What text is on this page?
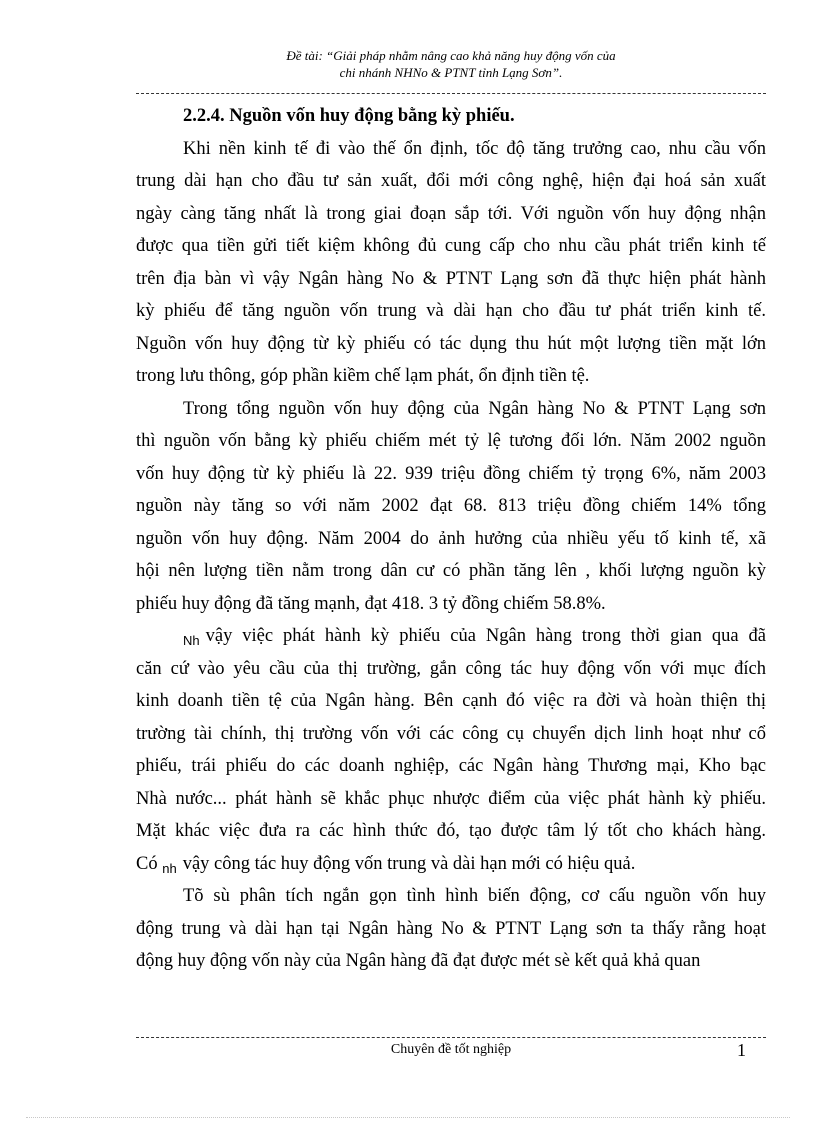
Đề tài: “Giải pháp nhằm nâng cao khả năng huy động vốn của
chi nhánh NHNo & PTNT tỉnh Lạng Sơn”.

2.2.4. Nguồn vốn huy động bằng kỳ phiếu.

Khi nền kinh tế đi vào thế ổn định, tốc độ tăng trưởng cao, nhu cầu vốn
trung dài hạn cho đầu tư sản xuất, đổi mới công nghệ, hiện đại hoá sản xuất
ngày càng tăng nhất là trong giai đoạn sắp tới. Với nguồn vốn huy động nhận
được qua tiền gửi tiết kiệm không đủ cung cấp cho nhu cầu phát triển kinh tế
trên địa bàn vì vậy Ngân hàng No & PTNT Lạng sơn đã thực hiện phát hành
kỳ phiếu để tăng nguồn vốn trung và dài hạn cho đầu tư phát triển kinh tế.
Nguồn vốn huy động từ kỳ phiếu có tác dụng thu hút một lượng tiền mặt lớn
trong lưu thông, góp phần kiềm chế lạm phát, ổn định tiền tệ.

Trong tổng nguồn vốn huy động của Ngân hàng No & PTNT Lạng sơn
thì nguồn vốn bằng kỳ phiếu chiếm mét tỷ lệ tương đối lớn. Năm 2002 nguồn
vốn huy động từ kỳ phiếu là 22. 939 triệu đồng chiếm tỷ trọng 6%, năm 2003
nguồn này tăng so với năm 2002 đạt 68. 813 triệu đồng chiếm 14% tổng
nguồn vốn huy động. Năm 2004 do ảnh hưởng của nhiều yếu tố kinh tế, xã
hội nên lượng tiền nằm trong dân cư có phần tăng lên , khối lượng nguồn kỳ
phiếu huy động đã tăng mạnh, đạt 418. 3 tỷ đồng chiếm 58.8%.

$_{Nh}$ vậy việc phát hành kỳ phiếu của Ngân hàng trong thời gian qua đã
căn cứ vào yêu cầu của thị trường, gắn công tác huy động vốn với mục đích
kinh doanh tiền tệ của Ngân hàng. Bên cạnh đó việc ra đời và hoàn thiện thị
trường tài chính, thị trường vốn với các công cụ chuyển dịch linh hoạt như cổ
phiếu, trái phiếu do các doanh nghiệp, các Ngân hàng Thương mại, Kho bạc
Nhà nước... phát hành sẽ khắc phục nhược điểm của việc phát hành kỳ phiếu.
Mặt khác việc đưa ra các hình thức đó, tạo được tâm lý tốt cho khách hàng.
Có $_{nh}$ vậy công tác huy động vốn trung và dài hạn mới có hiệu quả.

Tõ sù phân tích ngắn gọn tình hình biến động, cơ cấu nguồn vốn huy
động trung và dài hạn tại Ngân hàng No & PTNT Lạng sơn ta thấy rằng hoạt
động huy động vốn này của Ngân hàng đã đạt được mét sè kết quả khả quan

Chuyên đề tốt nghiệp	1
